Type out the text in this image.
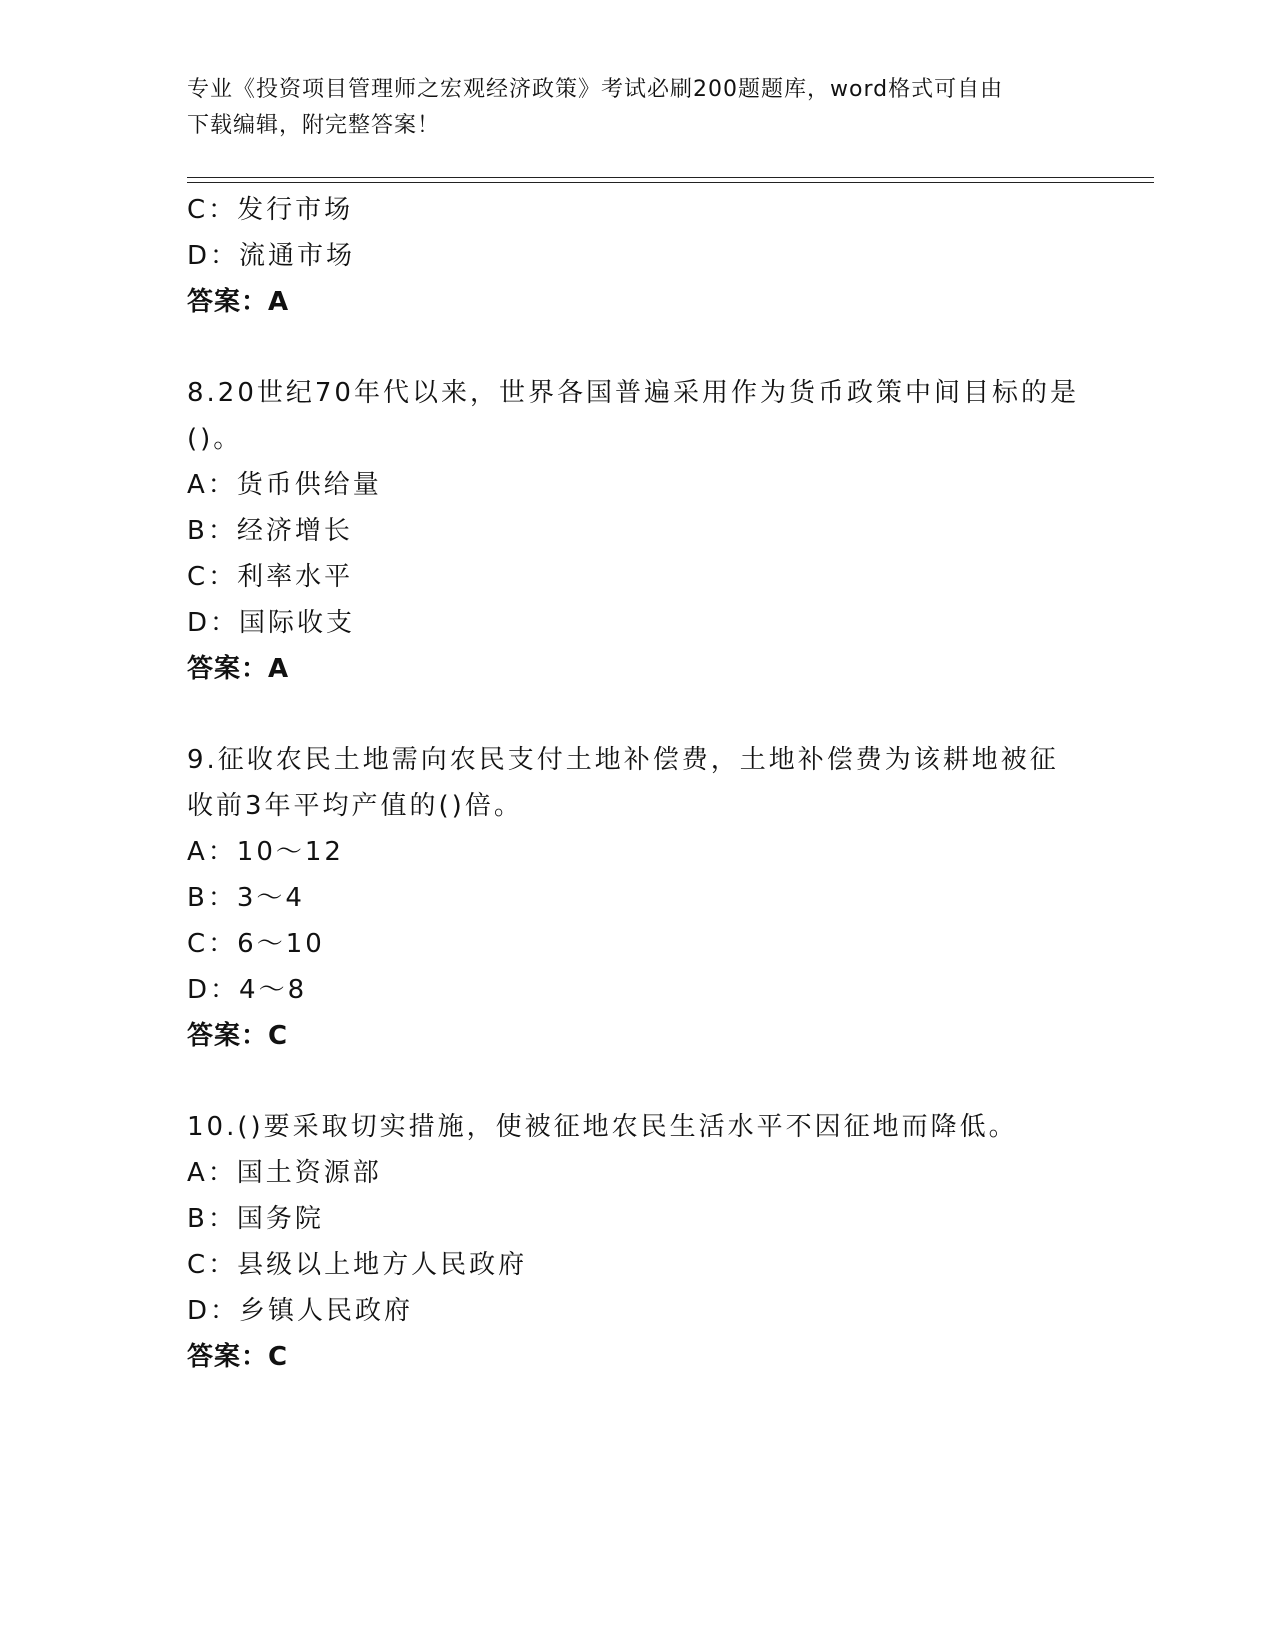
专业《投资项目管理师之宏观经济政策》考试必刷200题题库，word格式可自由
下载编辑，附完整答案！
C：发行市场
D：流通市场
答案：A
8.20世纪70年代以来，世界各国普遍采用作为货币政策中间目标的是
()。
A：货币供给量
B：经济增长
C：利率水平
D：国际收支
答案：A
9.征收农民土地需向农民支付土地补偿费，土地补偿费为该耕地被征
收前3年平均产值的()倍。
A：10～12
B：3～4
C：6～10
D：4～8
答案：C
10.()要采取切实措施，使被征地农民生活水平不因征地而降低。
A：国土资源部
B：国务院
C：县级以上地方人民政府
D：乡镇人民政府
答案：C
